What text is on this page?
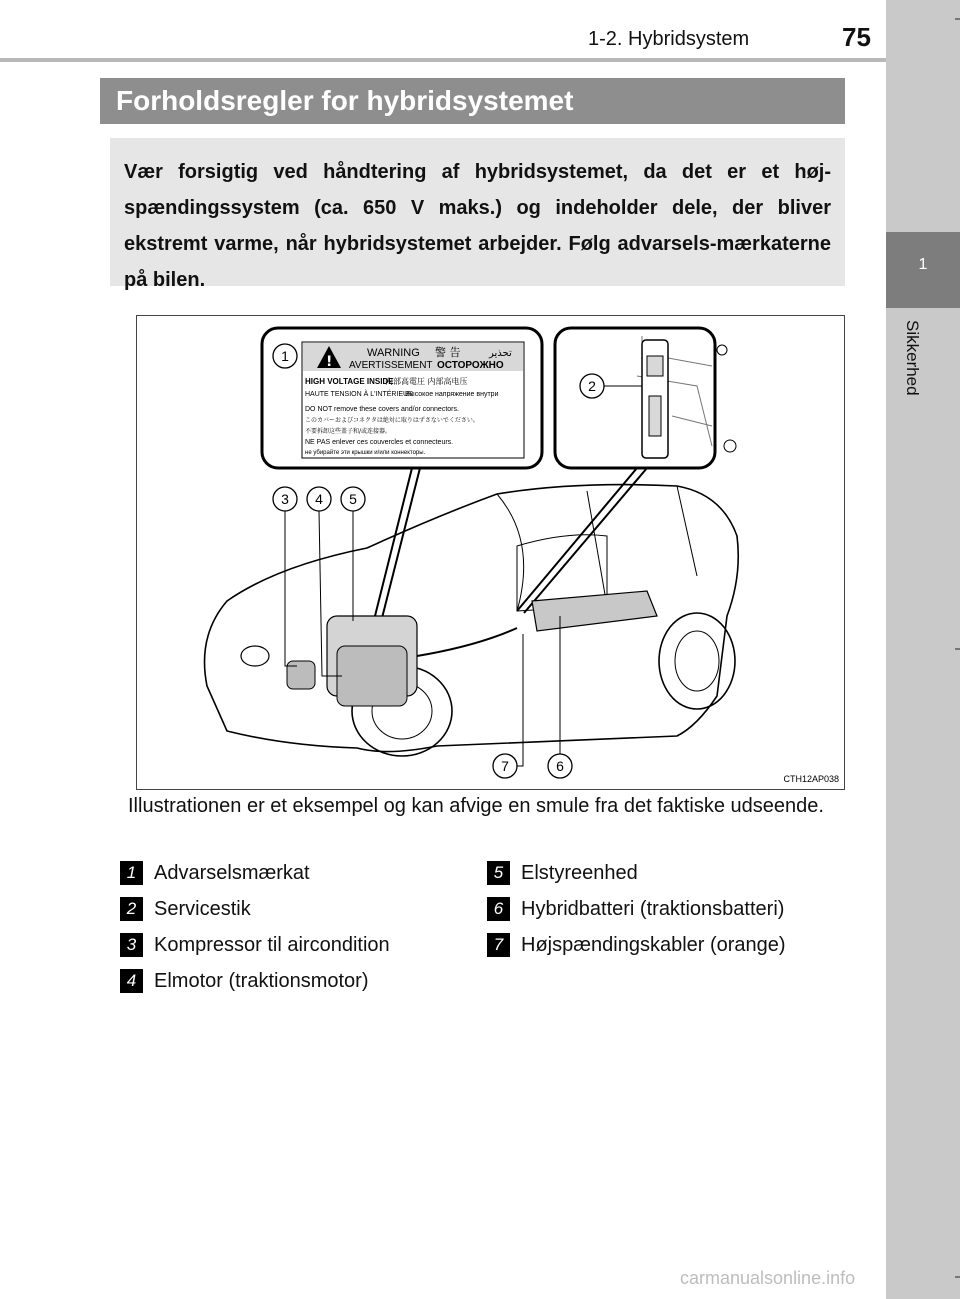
1-2. Hybridsystem	75
1
Sikkerhed
Forholdsregler for hybridsystemet
Vær forsigtig ved håndtering af hybridsystemet, da det er et høj-spændingssystem (ca. 650 V maks.) og indeholder dele, der bliver ekstremt varme, når hybridsystemet arbejder. Følg advarsels-mærkaterne på bilen.
!
WARNING 警 告	تحذير
AVERTISSEMENT ОСТОРОЖНО
HIGH VOLTAGE INSIDE
内部高電圧 内部高电压
HAUTE TENSION À L'INTÉRIEUR
Высокое напряжение внутри
DO NOT remove these covers and/or connectors.
このカバーおよびコネクタは絶対に取りはずさないでください。
不要拆卸这些盖子和/或连接器。
NE PAS enlever ces couvercles et connecteurs.
не убирайте эти крышки и/или коннекторы.
1
2
3 4 5
7	6
CTH12AP038
Illustrationen er et eksempel og kan afvige en smule fra det faktiske udseende.
1 Advarselsmærkat
2 Servicestik
3 Kompressor til aircondition
4 Elmotor (traktionsmotor)
5 Elstyreenhed
6 Hybridbatteri (traktionsbatteri)
7 Højspændingskabler (orange)
carmanualsonline.info
